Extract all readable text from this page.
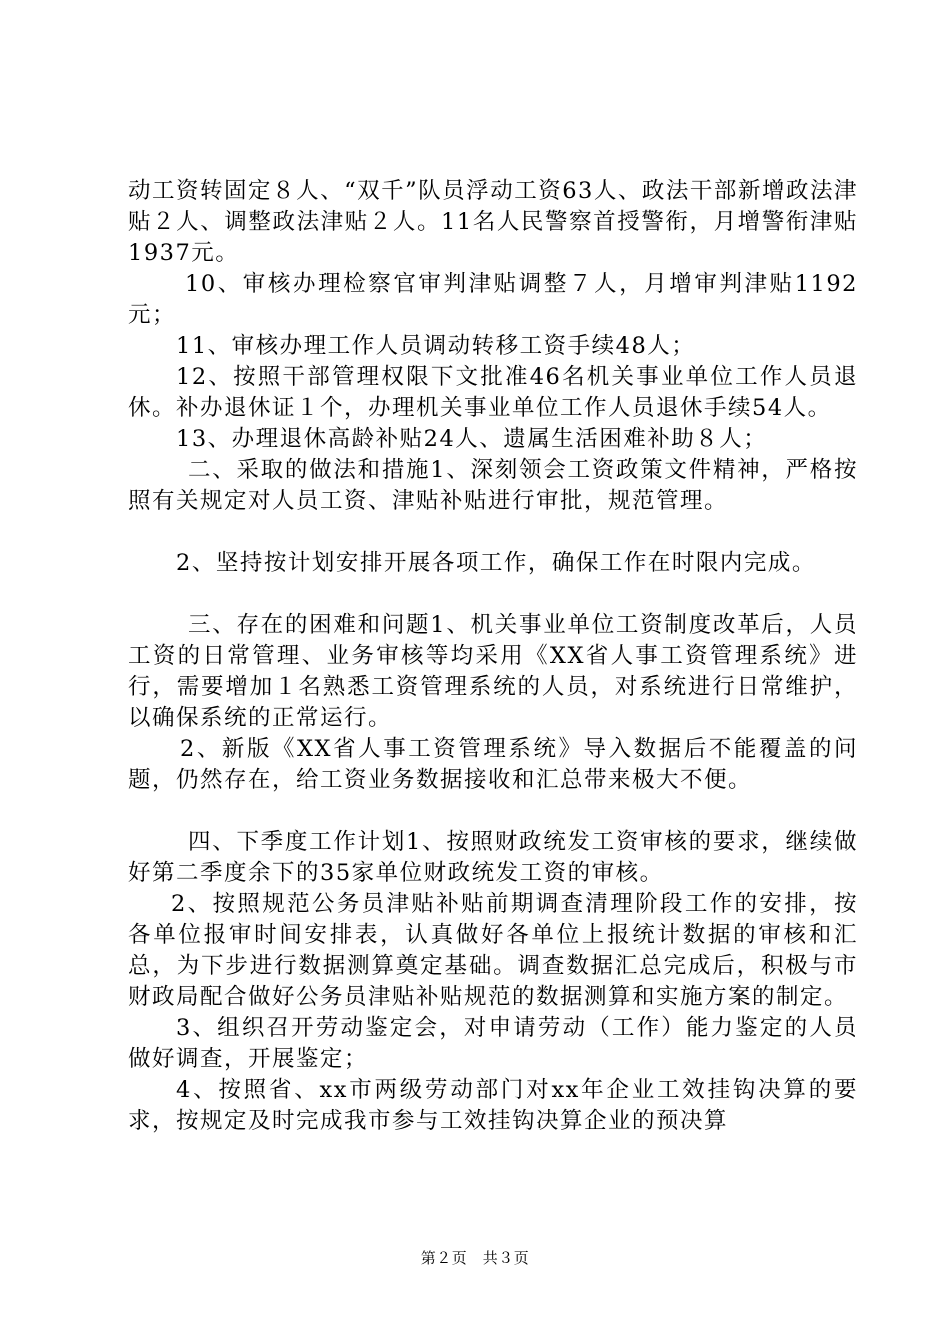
动工资转固定８人、“双千”队员浮动工资63人、政法干部新增政法津贴２人、调整政法津贴２人。11名人民警察首授警衔，月增警衔津贴1937元。

10、审核办理检察官审判津贴调整７人，月增审判津贴1192元；

11、审核办理工作人员调动转移工资手续48人；

12、按照干部管理权限下文批准46名机关事业单位工作人员退休。补办退休证１个，办理机关事业单位工作人员退休手续54人。

13、办理退休高龄补贴24人、遗属生活困难补助８人；

二、采取的做法和措施1、深刻领会工资政策文件精神，严格按照有关规定对人员工资、津贴补贴进行审批，规范管理。

2、坚持按计划安排开展各项工作，确保工作在时限内完成。

三、存在的困难和问题1、机关事业单位工资制度改革后，人员工资的日常管理、业务审核等均采用《XX省人事工资管理系统》进行，需要增加１名熟悉工资管理系统的人员，对系统进行日常维护，以确保系统的正常运行。

2、新版《XX省人事工资管理系统》导入数据后不能覆盖的问题，仍然存在，给工资业务数据接收和汇总带来极大不便。

四、下季度工作计划1、按照财政统发工资审核的要求，继续做好第二季度余下的35家单位财政统发工资的审核。

2、按照规范公务员津贴补贴前期调查清理阶段工作的安排，按各单位报审时间安排表，认真做好各单位上报统计数据的审核和汇总，为下步进行数据测算奠定基础。调查数据汇总完成后，积极与市财政局配合做好公务员津贴补贴规范的数据测算和实施方案的制定。

3、组织召开劳动鉴定会，对申请劳动（工作）能力鉴定的人员做好调查，开展鉴定；

4、按照省、xx市两级劳动部门对xx年企业工效挂钩决算的要求，按规定及时完成我市参与工效挂钩决算企业的预决算

第２页　共３页
